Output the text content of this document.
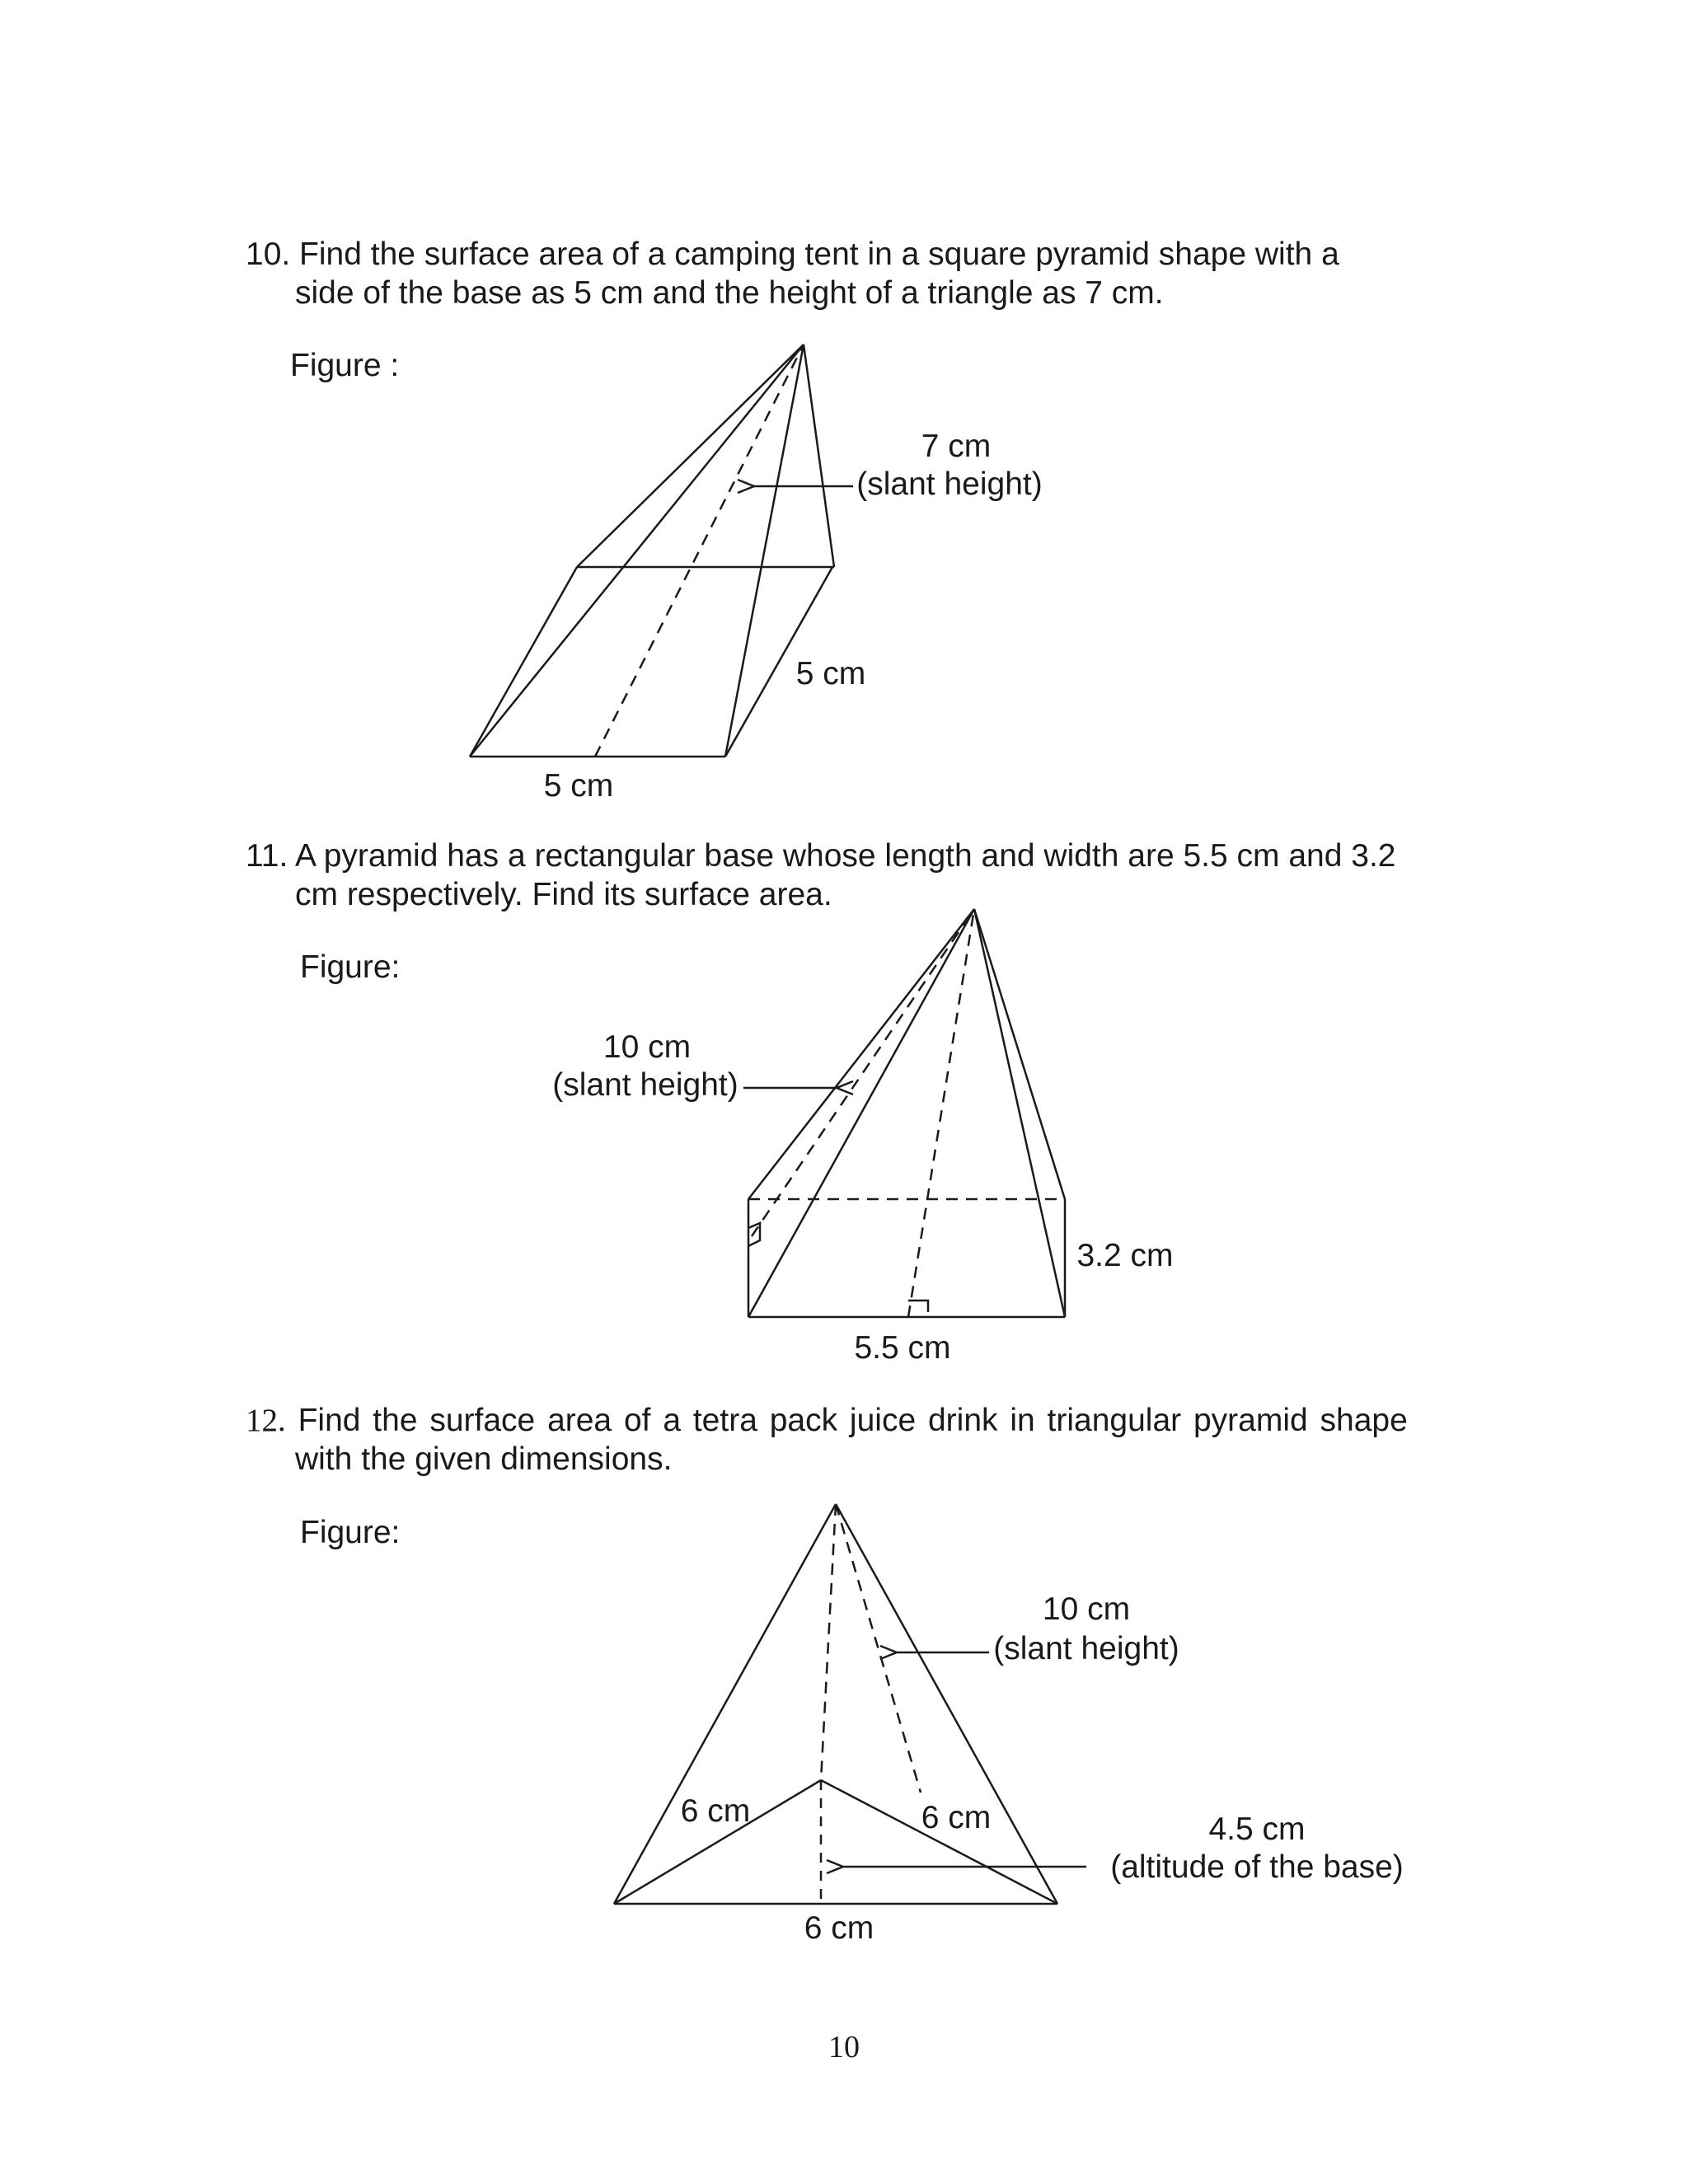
10. Find the surface area of a camping tent in a square pyramid shape with a
side of the base as 5 cm and the height of a triangle as 7 cm.
Figure :
11. A pyramid has a rectangular base whose length and width are 5.5 cm and 3.2
cm respectively. Find its surface area.
Figure:
12. Find the surface area of a tetra pack juice drink in triangular pyramid shape
with the given dimensions.
Figure:
7 cm
(slant height)
5 cm
5 cm
10 cm
(slant height)
3.2 cm
5.5 cm
10 cm
(slant height)
6 cm	6 cm
6 cm
4.5 cm
(altitude of the base)
10
